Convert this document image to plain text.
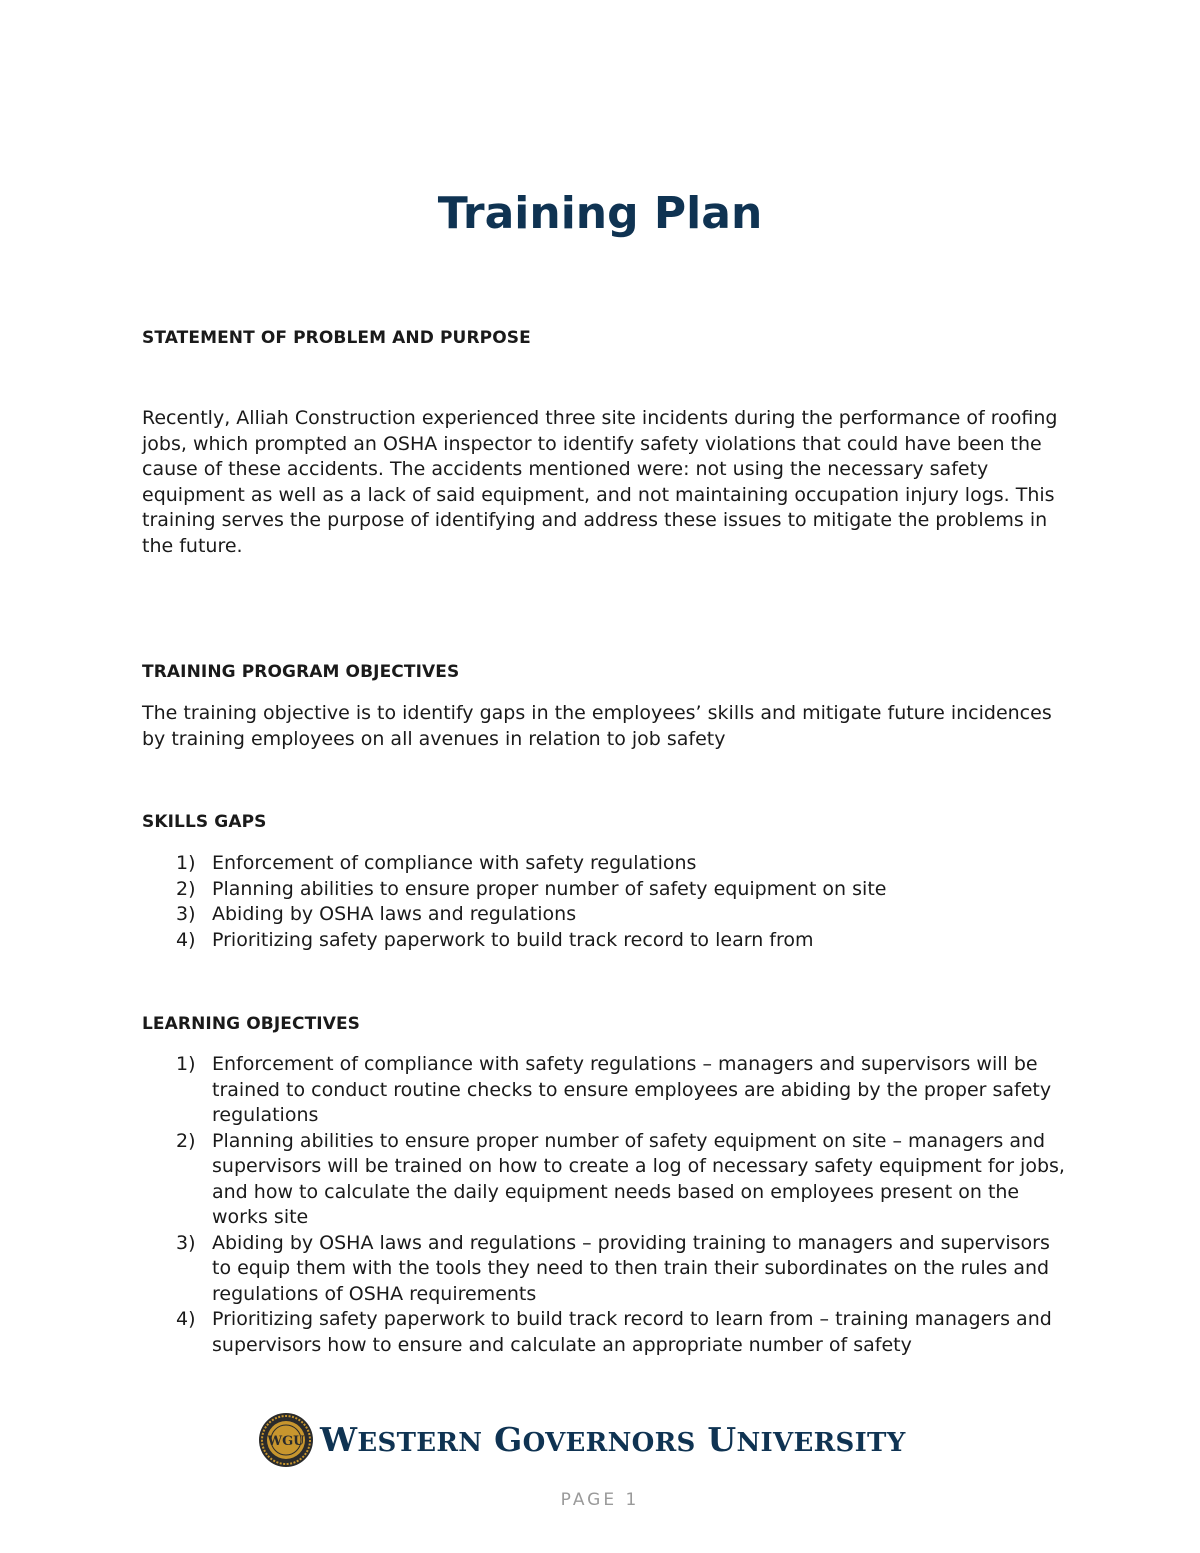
Training Plan
STATEMENT OF PROBLEM AND PURPOSE
Recently, Alliah Construction experienced three site incidents during the performance of roofing jobs, which prompted an OSHA inspector to identify safety violations that could have been the cause of these accidents. The accidents mentioned were: not using the necessary safety equipment as well as a lack of said equipment, and not maintaining occupation injury logs. This training serves the purpose of identifying and address these issues to mitigate the problems in the future.
TRAINING PROGRAM OBJECTIVES
The training objective is to identify gaps in the employees’ skills and mitigate future incidences by training employees on all avenues in relation to job safety
SKILLS GAPS
1) Enforcement of compliance with safety regulations
2) Planning abilities to ensure proper number of safety equipment on site
3) Abiding by OSHA laws and regulations
4) Prioritizing safety paperwork to build track record to learn from
LEARNING OBJECTIVES
1) Enforcement of compliance with safety regulations – managers and supervisors will be trained to conduct routine checks to ensure employees are abiding by the proper safety regulations
2) Planning abilities to ensure proper number of safety equipment on site – managers and supervisors will be trained on how to create a log of necessary safety equipment for jobs, and how to calculate the daily equipment needs based on employees present on the works site
3) Abiding by OSHA laws and regulations – providing training to managers and supervisors to equip them with the tools they need to then train their subordinates on the rules and regulations of OSHA requirements
4) Prioritizing safety paperwork to build track record to learn from – training managers and supervisors how to ensure and calculate an appropriate number of safety
WGU WESTERN GOVERNORS UNIVERSITY
PAGE 1
